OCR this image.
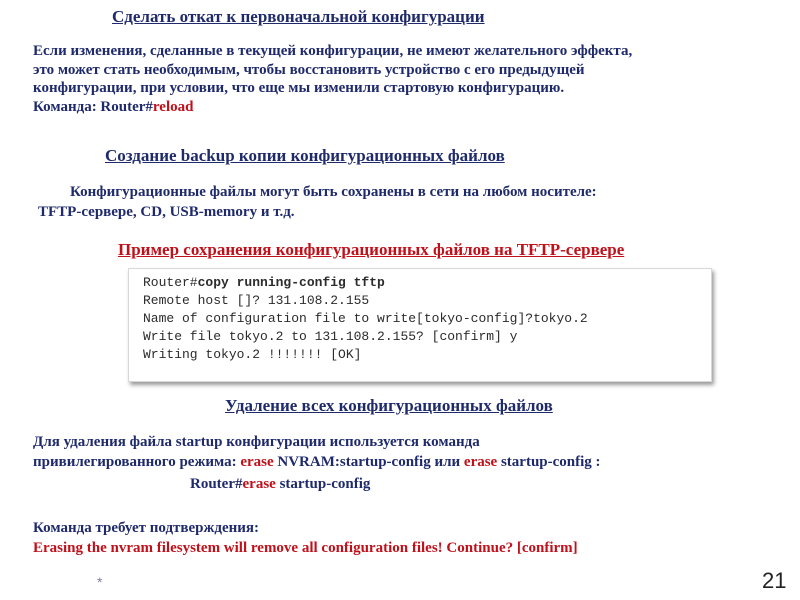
Сделать откат к первоначальной конфигурации
Если изменения, сделанные в текущей конфигурации, не имеют желательного эффекта,
это может стать необходимым, чтобы восстановить устройство с его предыдущей
конфигурации, при условии, что еще мы изменили стартовую конфигурацию.
Команда: Router#reload
Создание backup копии конфигурационных файлов
Конфигурационные файлы могут быть сохранены в сети на любом носителе:
TFTP-сервере, CD, USB-memory и т.д.
Пример сохранения конфигурационных файлов на TFTP-сервере
Router#copy running-config tftp
Remote host []? 131.108.2.155
Name of configuration file to write[tokyo-config]?tokyo.2
Write file tokyo.2 to 131.108.2.155? [confirm] y
Writing tokyo.2 !!!!!!! [OK]
Удаление всех конфигурационных файлов
Для удаления файла startup конфигурации используется команда
привилегированного режима: erase NVRAM:startup-config или erase startup-config :
Router#erase startup-config
Команда требует подтверждения:
Erasing the nvram filesystem will remove all configuration files! Continue? [confirm]
*	21
